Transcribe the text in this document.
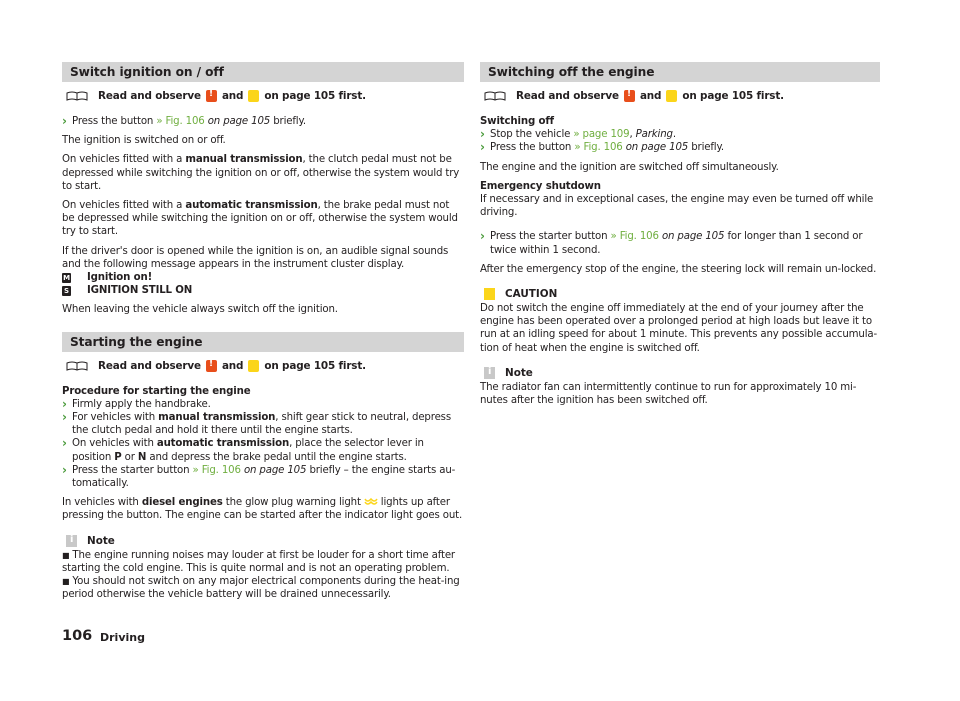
Switch ignition on / off
Read and observe ! and on page 105 first.
› Press the button » Fig. 106 on page 105 briefly.

The ignition is switched on or off.

On vehicles fitted with a manual transmission, the clutch pedal must not be depressed while switching the ignition on or off, otherwise the system would try to start.

On vehicles fitted with a automatic transmission, the brake pedal must not be depressed while switching the ignition on or off, otherwise the system would try to start.

If the driver's door is opened while the ignition is on, an audible signal sounds and the following message appears in the instrument cluster display.

M Ignition on!
S IGNITION STILL ON

When leaving the vehicle always switch off the ignition.

Starting the engine
Read and observe ! and on page 105 first.

Procedure for starting the engine

› Firmly apply the handbrake.
› For vehicles with manual transmission, shift gear stick to neutral, depress the clutch pedal and hold it there until the engine starts.
› On vehicles with automatic transmission, place the selector lever in position P or N and depress the brake pedal until the engine starts.
› Press the starter button » Fig. 106 on page 105 briefly – the engine starts au-tomatically.

In vehicles with diesel engines the glow plug warning light lights up after pressing the button. The engine can be started after the indicator light goes out.

i
Note

■ The engine running noises may louder at first be louder for a short time after starting the cold engine. This is quite normal and is not an operating problem.

■ You should not switch on any major electrical components during the heat-ing period otherwise the vehicle battery will be drained unnecessarily.

Switching off the engine
Read and observe ! and on page 105 first.

Switching off

› Stop the vehicle » page 109, Parking.
› Press the button » Fig. 106 on page 105 briefly.

The engine and the ignition are switched off simultaneously.

Emergency shutdown

If necessary and in exceptional cases, the engine may even be turned off while driving.

› Press the starter button » Fig. 106 on page 105 for longer than 1 second or twice within 1 second.

After the emergency stop of the engine, the steering lock will remain un-locked.

CAUTION

Do not switch the engine off immediately at the end of your journey after the engine has been operated over a prolonged period at high loads but leave it to run at an idling speed for about 1 minute. This prevents any possible accumula-tion of heat when the engine is switched off.

i
Note

The radiator fan can intermittently continue to run for approximately 10 mi-nutes after the ignition has been switched off.

106 Driving
